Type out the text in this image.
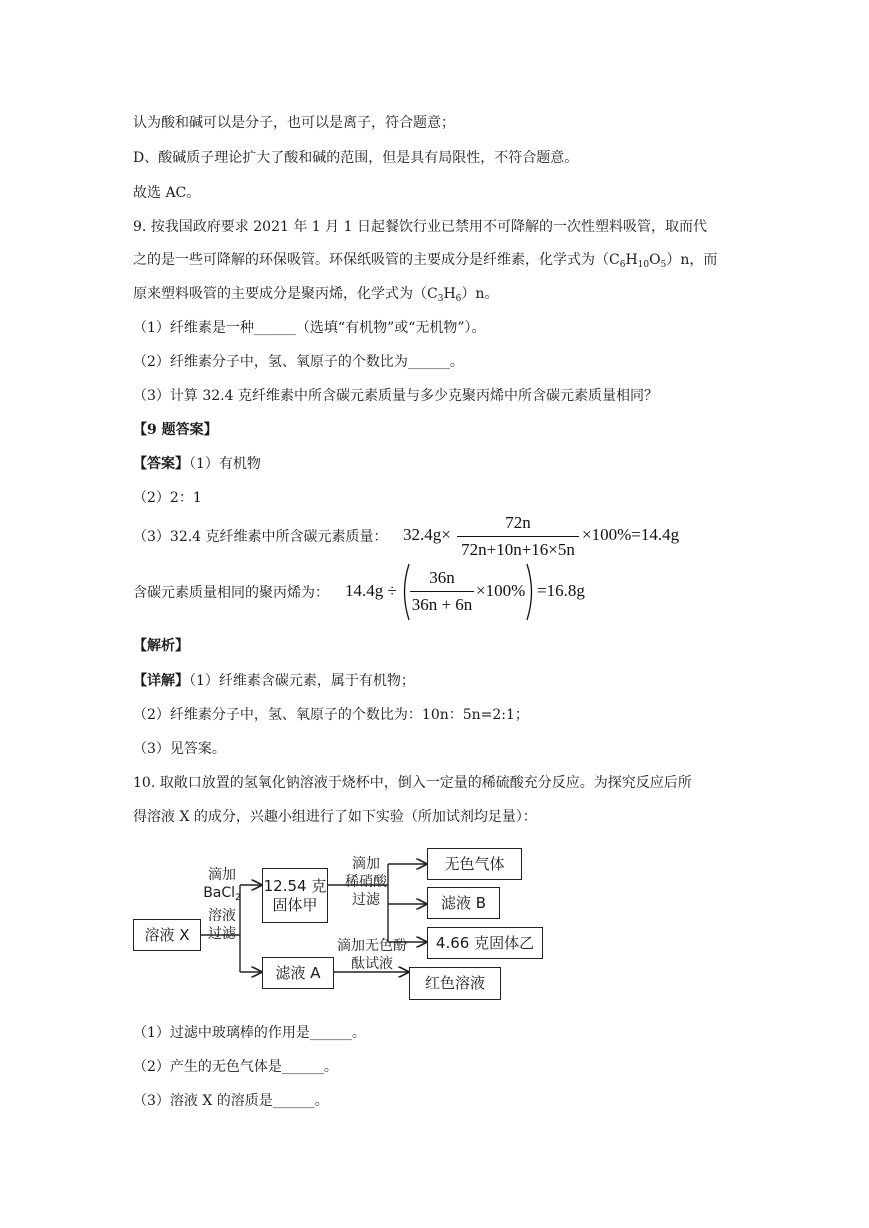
认为酸和碱可以是分子，也可以是离子，符合题意；
D、酸碱质子理论扩大了酸和碱的范围，但是具有局限性，不符合题意。
故选 AC。
9. 按我国政府要求 2021 年 1 月 1 日起餐饮行业已禁用不可降解的一次性塑料吸管，取而代
之的是一些可降解的环保吸管。环保纸吸管的主要成分是纤维素，化学式为$(C_6H_{10}O_5)n$，而
原来塑料吸管的主要成分是聚丙烯，化学式为$(C_3H_6)n$。
（1）纤维素是一种______（选填“有机物”或“无机物”）。
（2）纤维素分子中，氢、氧原子的个数比为______。
（3）计算 32.4 克纤维素中所含碳元素质量与多少克聚丙烯中所含碳元素质量相同？
【9 题答案】
【答案】（1）有机物
（2）2：1
（3）32.4 克纤维素中所含碳元素质量： 32.4g×
72n
72n+10n+16×5n
×100%=14.4g
含碳元素质量相同的聚丙烯为： 14.4g ÷
36n
36n + 6n
×100% =16.8g
【解析】
【详解】（1）纤维素含碳元素，属于有机物；
（2）纤维素分子中，氢、氧原子的个数比为：10n：5n=2:1；
（3）见答案。
10. 取敞口放置的氢氧化钠溶液于烧杯中，倒入一定量的稀硫酸充分反应。为探究反应后所
得溶液 X 的成分，兴趣小组进行了如下实验（所加试剂均足量）：
溶液 X
滴加
BaCl$_2$
溶液
过滤
12.54 克
固体甲
滴加
稀硝酸
过滤
无色气体
滤液 B
4.66 克固体乙
滤液 A
滴加无色酚
酞试液
红色溶液
（1）过滤中玻璃棒的作用是______。
（2）产生的无色气体是______。
（3）溶液 X 的溶质是______。
